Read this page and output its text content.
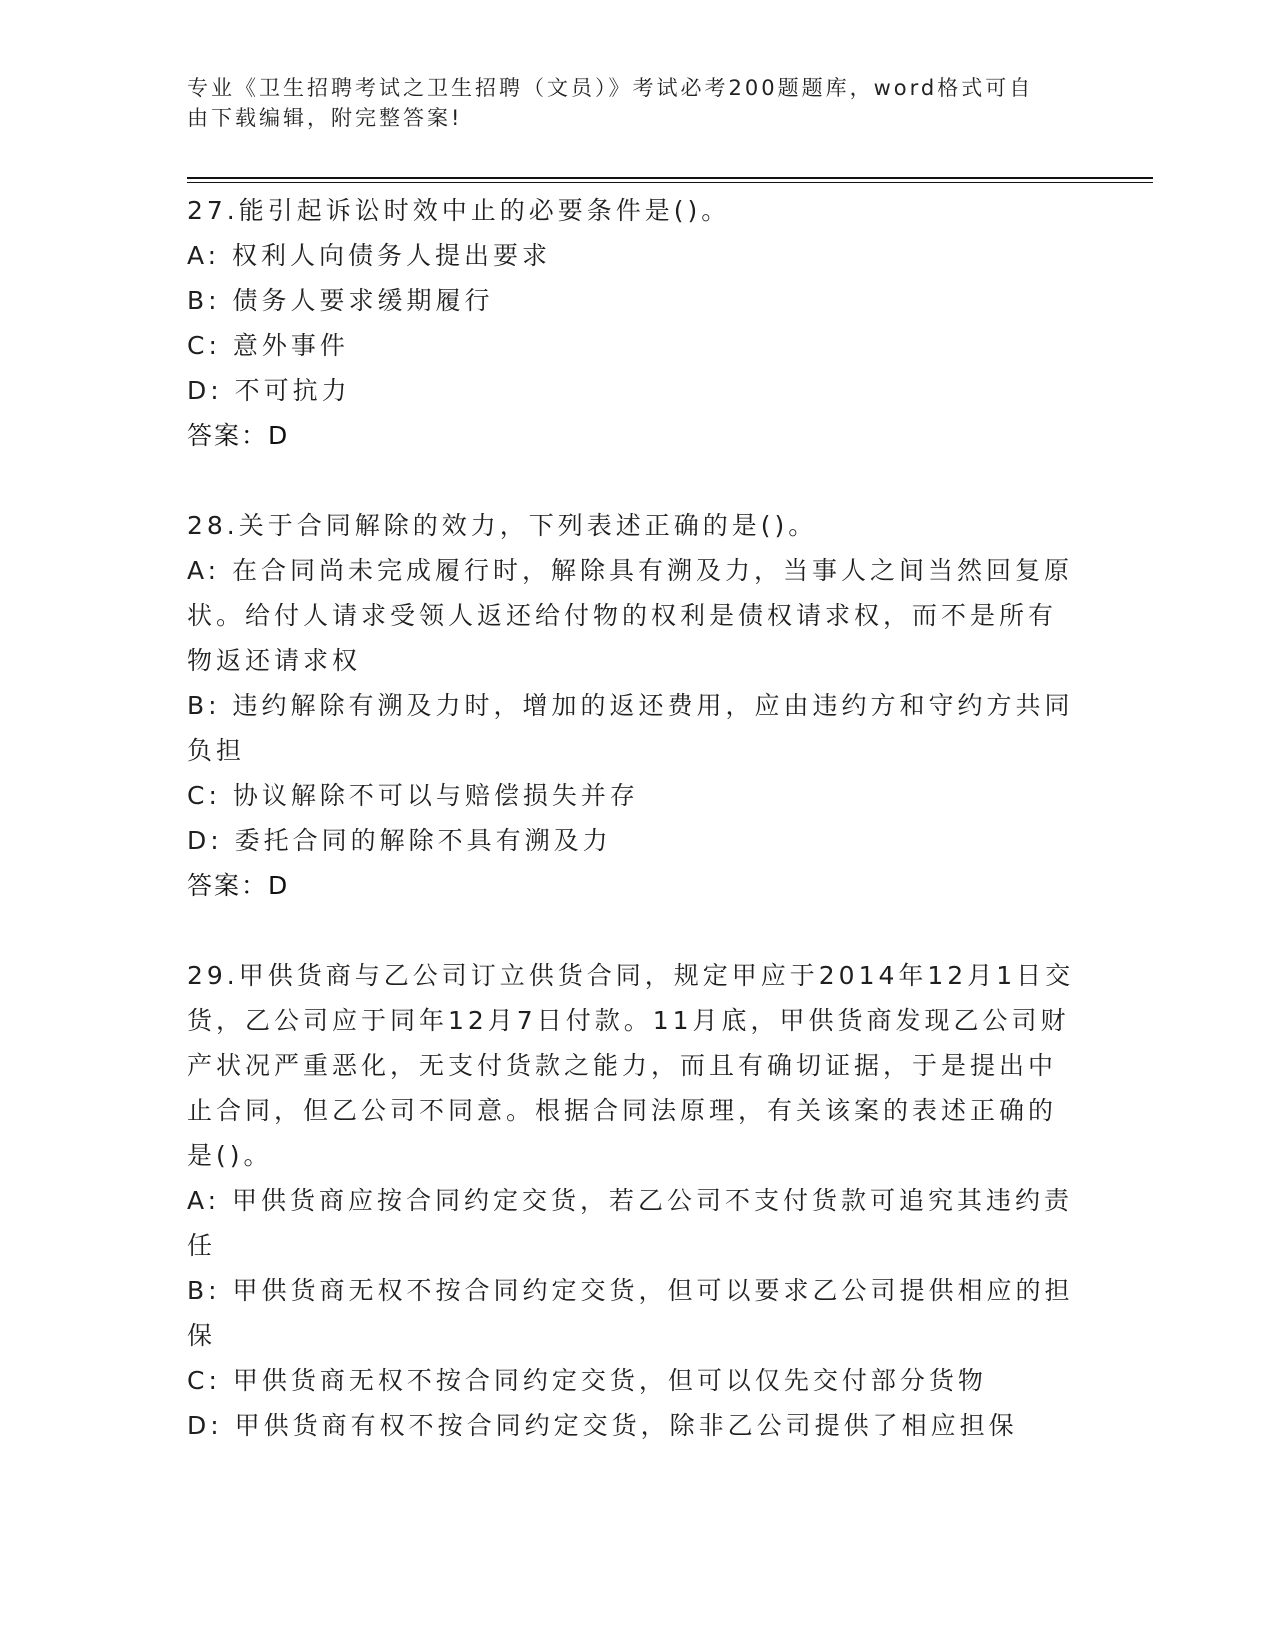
专业《卫生招聘考试之卫生招聘（文员）》考试必考200题题库，word格式可自
由下载编辑，附完整答案!
27.能引起诉讼时效中止的必要条件是()。
A: 权利人向债务人提出要求
B: 债务人要求缓期履行
C: 意外事件
D: 不可抗力
答案：D
28.关于合同解除的效力，下列表述正确的是()。
A: 在合同尚未完成履行时，解除具有溯及力，当事人之间当然回复原
状。给付人请求受领人返还给付物的权利是债权请求权，而不是所有
物返还请求权
B: 违约解除有溯及力时，增加的返还费用，应由违约方和守约方共同
负担
C: 协议解除不可以与赔偿损失并存
D: 委托合同的解除不具有溯及力
答案：D
29.甲供货商与乙公司订立供货合同，规定甲应于2014年12月1日交
货，乙公司应于同年12月7日付款。11月底，甲供货商发现乙公司财
产状况严重恶化，无支付货款之能力，而且有确切证据，于是提出中
止合同，但乙公司不同意。根据合同法原理，有关该案的表述正确的
是()。
A: 甲供货商应按合同约定交货，若乙公司不支付货款可追究其违约责
任
B: 甲供货商无权不按合同约定交货，但可以要求乙公司提供相应的担
保
C: 甲供货商无权不按合同约定交货，但可以仅先交付部分货物
D: 甲供货商有权不按合同约定交货，除非乙公司提供了相应担保
